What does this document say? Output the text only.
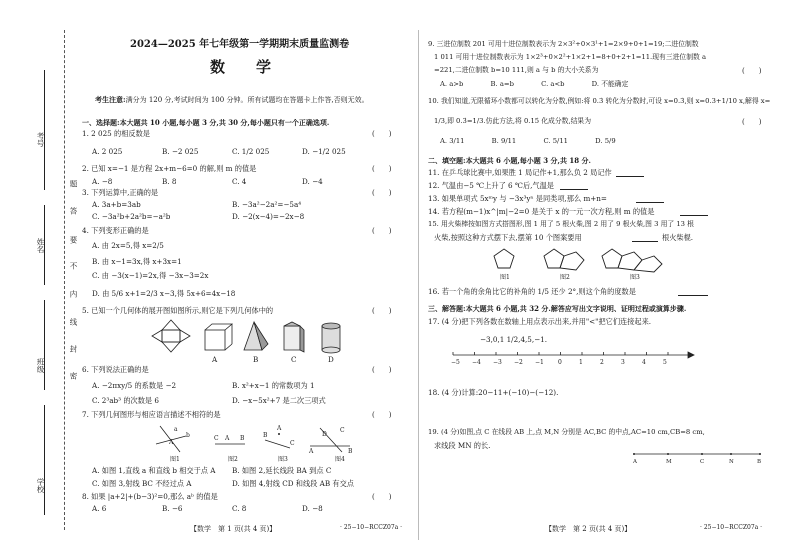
考号
姓名
班级
学校
题
答
要
不
内
线
封
密
2024—2025 年七年级第一学期期末质量监测卷
数　学
考生注意:满分为 120 分,考试时间为 100 分钟。所有试题均在答题卡上作答,否则无效。
一、选择题:本大题共 10 小题,每小题 3 分,共 30 分,每小题只有一个正确选项.
1. 2 025 的相反数是	(　　)
A. 2 025	B. −2 025	C. 1/2 025	D. −1/2 025
2. 已知 x=−1 是方程 2x+m−6=0 的解,则 m 的值是	(　　)
A. −8	B. 8	C. 4	D. −4
3. 下列运算中,正确的是	(　　)
A. 3a+b=3ab	B. −3a²−2a²=−5a⁴
C. −3a²b+2a²b=−a²b	D. −2(x−4)=−2x−8
4. 下列变形正确的是	(　　)
A. 由 2x=5,得 x=2/5
B. 由 x−1=3x,得 x+3x=1
C. 由 −3(x−1)=2x,得 −3x−3=2x
D. 由 5/6 x+1=2/3 x−3,得 5x+6=4x−18
5. 已知一个几何体的展开图如图所示,则它是下列几何体中的	(　　)
A	B	C	D
6. 下列说法正确的是	(　　)
A. −2πxy/5 的系数是 −2	B. x²+x−1 的常数项为 1
C. 2³ab³ 的次数是 6	D. −x−5x²+7 是二次三项式
7. 下列几何图形与相应语言描述不相符的是	(　　)
a
b
A
C A B
A
B
C
A	B
C
D
图1	图2	图3	图4
A. 如图 1,直线 a 和直线 b 相交于点 A B. 如图 2,延长线段 BA 到点 C
C. 如图 3,射线 BC 不经过点 A	D. 如图 4,射线 CD 和线段 AB 有交点
8. 如果 |a+2|+(b−3)²=0,那么 aᵇ 的值是	(　　)
A. 6	B. −6	C. 8	D. −8
【数学　第 1 页(共 4 页)】	· 25−10−RCCZ07a ·
9. 三进位制数 201 可用十进位制数表示为 2×3²+0×3¹+1=2×9+0+1=19;二进位制数
1 011 可用十进位制数表示为 1×2³+0×2²+1×2+1=8+0+2+1=11.现有三进位制数 a
=221,二进位制数 b=10 111,则 a 与 b 的大小关系为	(　　)
A. a>b　　　　B. a=b　　　　C. a<b　　　　D. 不能确定
10. 我们知道,无限循环小数都可以转化为分数,例如:将 0.3̇ 转化为分数时,可设 x=0.3̇,则 x=0.3+1/10 x,解得 x=
1/3,即 0.3̇=1/3.仿此方法,将 0.15̇ 化成分数,结果为	(　　)
A. 3/11　　　　B. 9/11　　　　C. 5/11　　　　D. 5/9
二、填空题:本大题共 6 小题,每小题 3 分,共 18 分.
11. 在乒乓球比赛中,如果胜 1 局记作+1,那么负 2 局记作
12. 气温由−5 ℃上升了 6 ℃后,气温是
13. 如果单项式 5xᵐy 与 −3x³yⁿ 是同类项,那么 m+n=
14. 若方程(m−1)x^|m|−2=0 是关于 x 的一元一次方程,则 m 的值是
15. 用火柴棒按如图方式搭图形,图 1 用了 5 根火柴,图 2 用了 9 根火柴,图 3 用了 13 根
火柴,按照这种方式摆下去,摆第 10 个图案要用	根火柴棍.
图1	图2	图3
16. 若一个角的余角比它的补角的 1/5 还少 2°,则这个角的度数是
三、解答题:本大题共 6 小题,共 32 分.解答应写出文字说明、证明过程或演算步骤.
17. (4 分)把下列各数在数轴上用点表示出来,并用"<"把它们连接起来.
−3,0,1 1/2,4,5,−1.
−5 −4 −3 −2 −1 0	1	2	3	4	5
18. (4 分)计算:20−11+(−10)−(−12).
19. (4 分)如图,点 C 在线段 AB 上,点 M,N 分别是 AC,BC 的中点,AC=10 cm,CB=8 cm,
求线段 MN 的长.
A	M	C	N	B
【数学　第 2 页(共 4 页)】	· 25−10−RCCZ07a ·
